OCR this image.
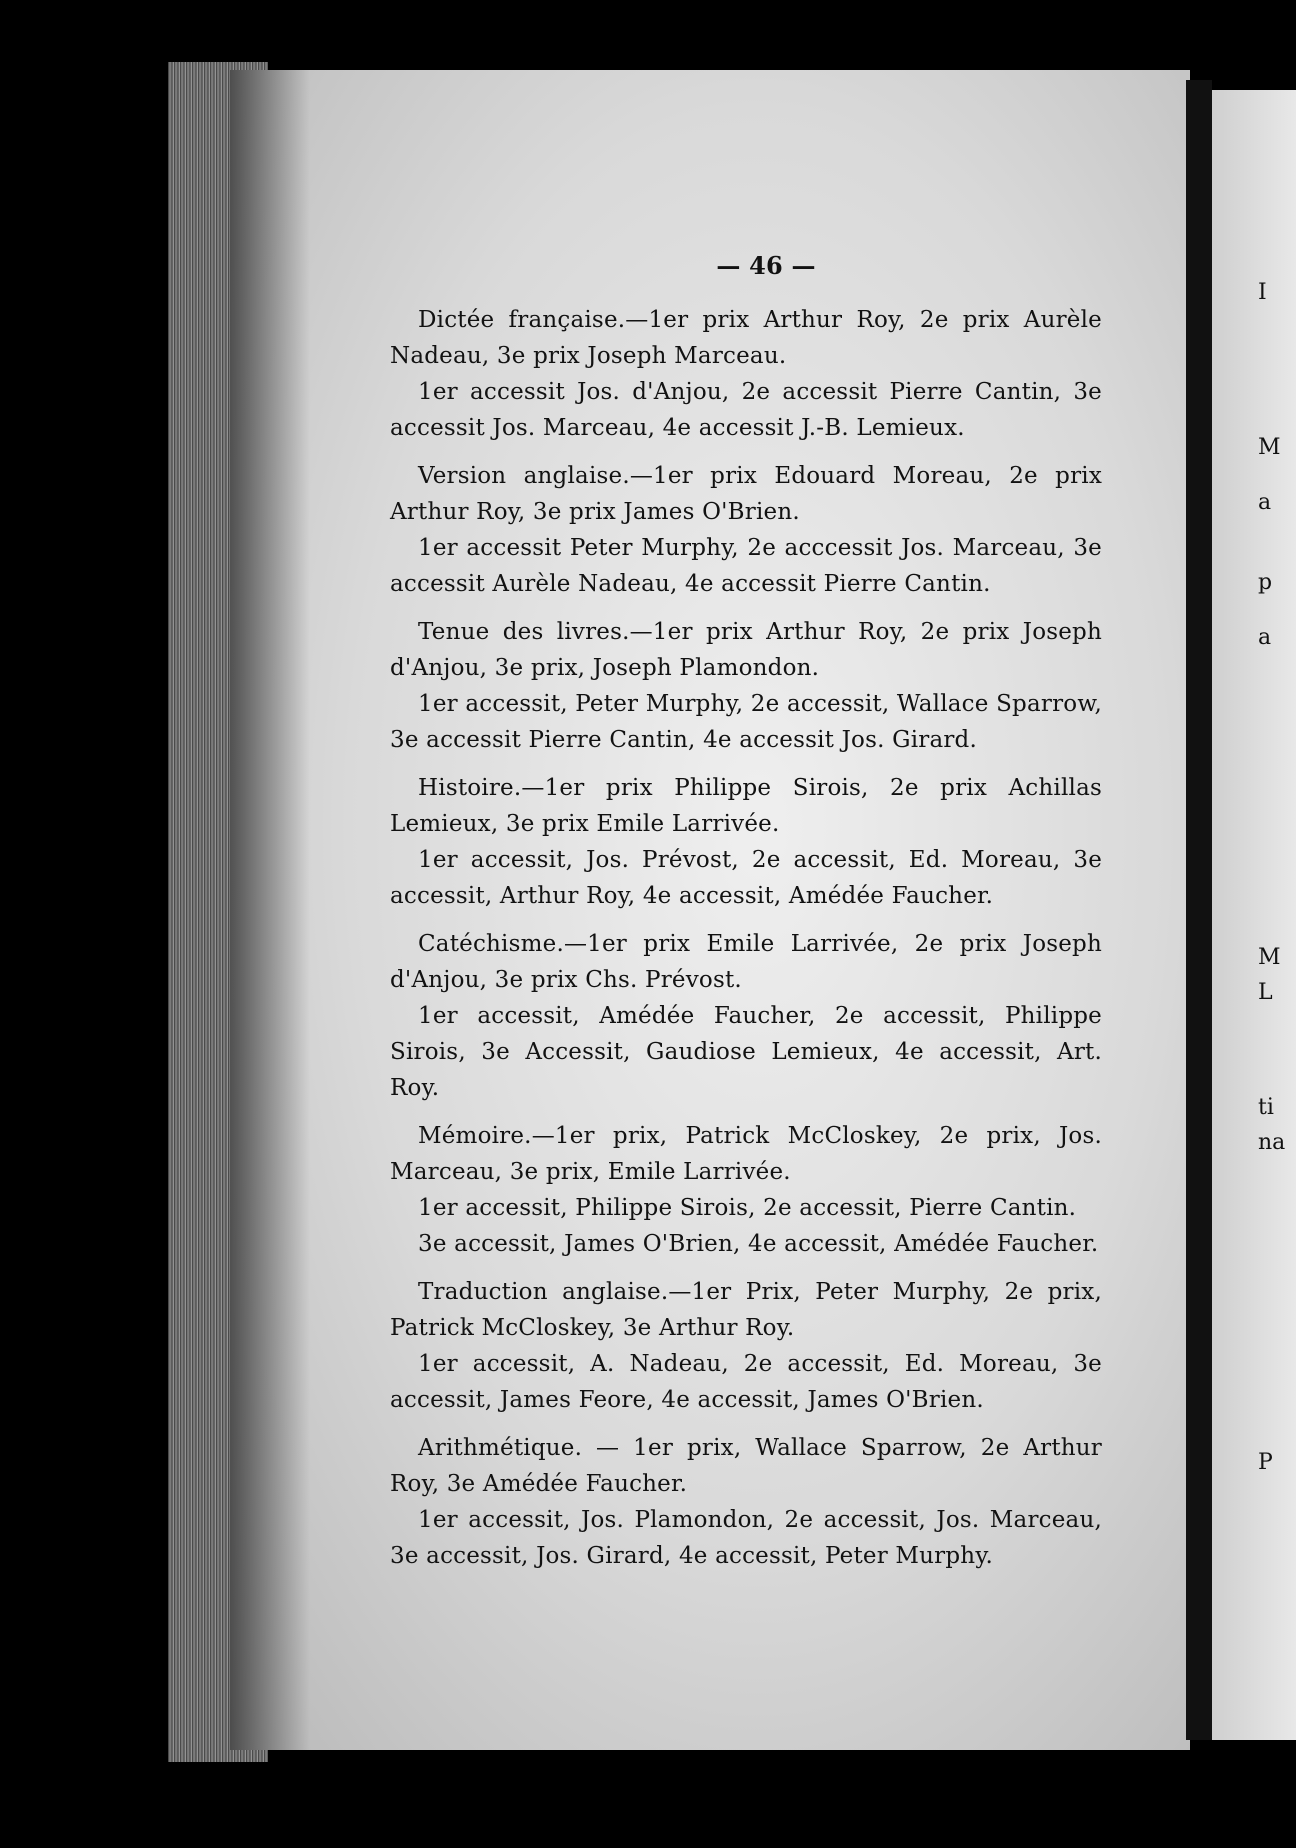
I
M
a
p
a
M
L
ti
na
P
— 46 —

Dictée française.—1er prix Arthur Roy, 2e prix Aurèle Nadeau, 3e prix Joseph Marceau.

1er accessit Jos. d'Anjou, 2e accessit Pierre Cantin, 3e accessit Jos. Marceau, 4e accessit J.-B. Lemieux.

Version anglaise.—1er prix Edouard Moreau, 2e prix Arthur Roy, 3e prix James O'Brien.

1er accessit Peter Murphy, 2e acccessit Jos. Marceau, 3e accessit Aurèle Nadeau, 4e accessit Pierre Cantin.

Tenue des livres.—1er prix Arthur Roy, 2e prix Joseph d'Anjou, 3e prix, Joseph Plamondon.

1er accessit, Peter Murphy, 2e accessit, Wallace Sparrow, 3e accessit Pierre Cantin, 4e accessit Jos. Girard.

Histoire.—1er prix Philippe Sirois, 2e prix Achillas Lemieux, 3e prix Emile Larrivée.

1er accessit, Jos. Prévost, 2e accessit, Ed. Moreau, 3e accessit, Arthur Roy, 4e accessit, Amédée Faucher.

Catéchisme.—1er prix Emile Larrivée, 2e prix Joseph d'Anjou, 3e prix Chs. Prévost.

1er accessit, Amédée Faucher, 2e accessit, Philippe Sirois, 3e Accessit, Gaudiose Lemieux, 4e accessit, Art. Roy.

Mémoire.—1er prix, Patrick McCloskey, 2e prix, Jos. Marceau, 3e prix, Emile Larrivée.

1er accessit, Philippe Sirois, 2e accessit, Pierre Cantin.

3e accessit, James O'Brien, 4e accessit, Amédée Faucher.

Traduction anglaise.—1er Prix, Peter Murphy, 2e prix, Patrick McCloskey, 3e Arthur Roy.

1er accessit, A. Nadeau, 2e accessit, Ed. Moreau, 3e accessit, James Feore, 4e accessit, James O'Brien.

Arithmétique. — 1er prix, Wallace Sparrow, 2e Arthur Roy, 3e Amédée Faucher.

1er accessit, Jos. Plamondon, 2e accessit, Jos. Marceau, 3e accessit, Jos. Girard, 4e accessit, Peter Murphy.
